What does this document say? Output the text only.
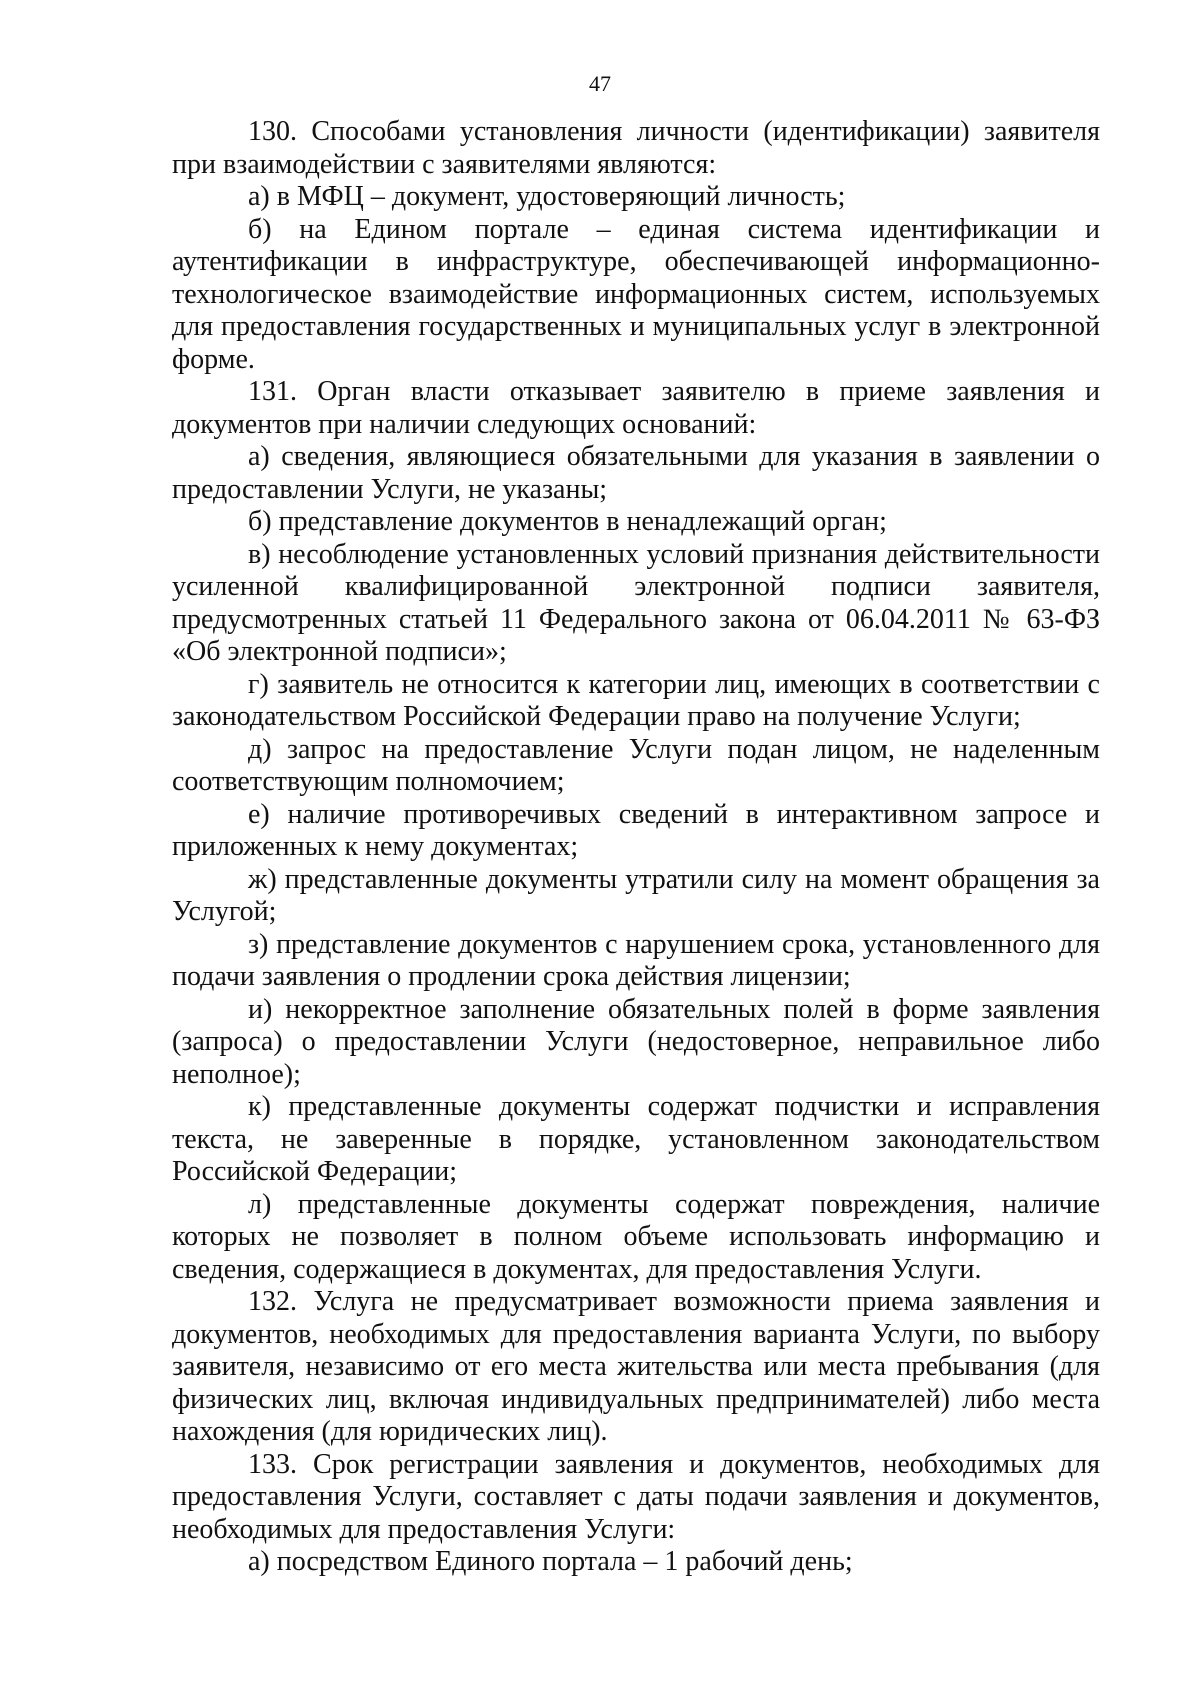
47

130. Способами установления личности (идентификации) заявителя при взаимодействии с заявителями являются:

а) в МФЦ – документ, удостоверяющий личность;

б) на Едином портале – единая система идентификации и аутентификации в инфраструктуре, обеспечивающей информационно-технологическое взаимодействие информационных систем, используемых для предоставления государственных и муниципальных услуг в электронной форме.

131. Орган власти отказывает заявителю в приеме заявления и документов при наличии следующих оснований:

а) сведения, являющиеся обязательными для указания в заявлении о предоставлении Услуги, не указаны;

б) представление документов в ненадлежащий орган;

в) несоблюдение установленных условий признания действительности усиленной квалифицированной электронной подписи заявителя, предусмотренных статьей 11 Федерального закона от 06.04.2011 № 63-ФЗ «Об электронной подписи»;

г) заявитель не относится к категории лиц, имеющих в соответствии с законодательством Российской Федерации право на получение Услуги;

д) запрос на предоставление Услуги подан лицом, не наделенным соответствующим полномочием;

е) наличие противоречивых сведений в интерактивном запросе и приложенных к нему документах;

ж) представленные документы утратили силу на момент обращения за Услугой;

з) представление документов с нарушением срока, установленного для подачи заявления о продлении срока действия лицензии;

и) некорректное заполнение обязательных полей в форме заявления (запроса) о предоставлении Услуги (недостоверное, неправильное либо неполное);

к) представленные документы содержат подчистки и исправления текста, не заверенные в порядке, установленном законодательством Российской Федерации;

л) представленные документы содержат повреждения, наличие которых не позволяет в полном объеме использовать информацию и сведения, содержащиеся в документах, для предоставления Услуги.

132. Услуга не предусматривает возможности приема заявления и документов, необходимых для предоставления варианта Услуги, по выбору заявителя, независимо от его места жительства или места пребывания (для физических лиц, включая индивидуальных предпринимателей) либо места нахождения (для юридических лиц).

133. Срок регистрации заявления и документов, необходимых для предоставления Услуги, составляет с даты подачи заявления и документов, необходимых для предоставления Услуги:

а) посредством Единого портала – 1 рабочий день;
